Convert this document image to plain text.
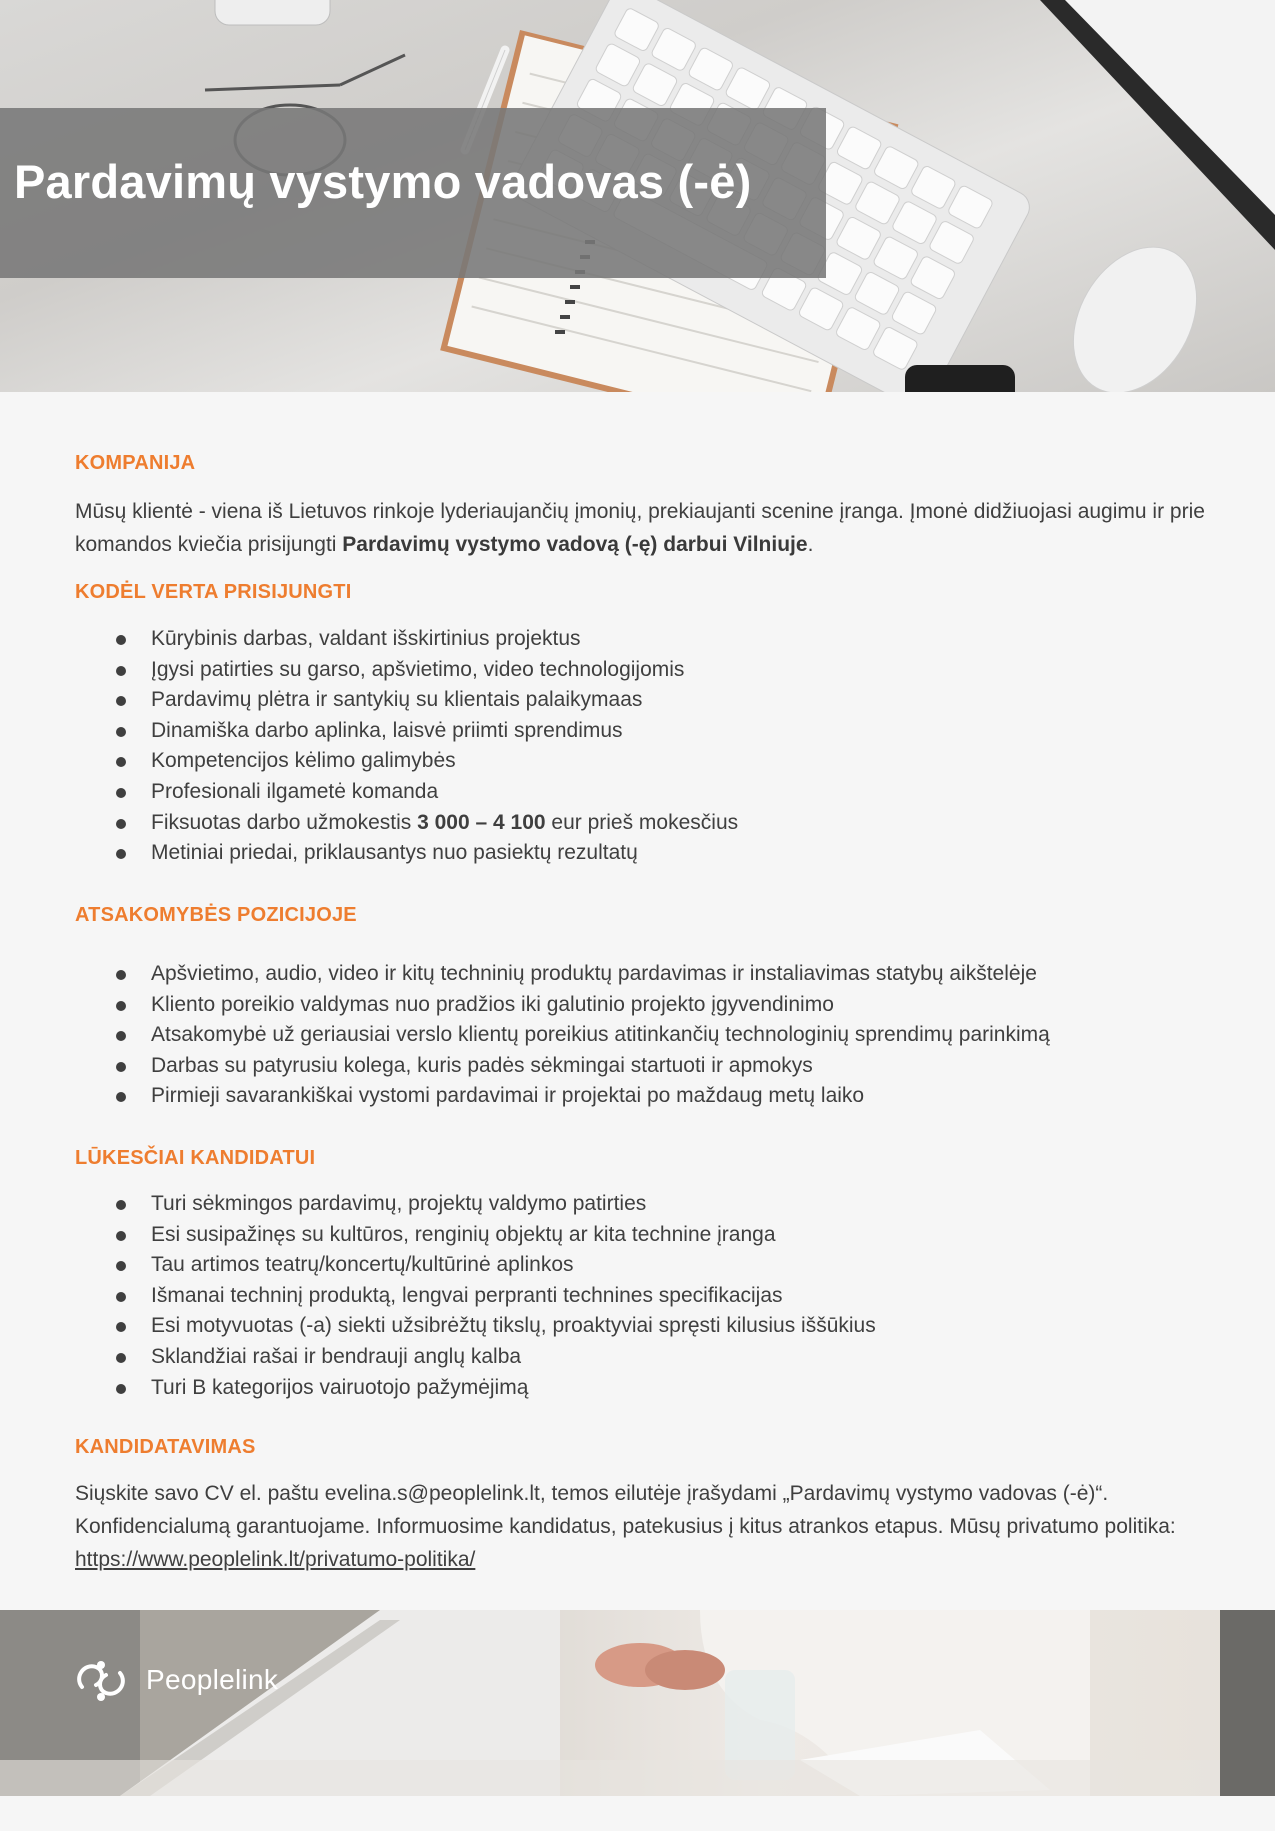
Pardavimų vystymo vadovas (-ė)
KOMPANIJA

Mūsų klientė - viena iš Lietuvos rinkoje lyderiaujančių įmonių, prekiaujanti scenine įranga. Įmonė didžiuojasi augimu ir prie komandos kviečia prisijungti Pardavimų vystymo vadovą (-ę) darbui Vilniuje.

KODĖL VERTA PRISIJUNGTI
Kūrybinis darbas, valdant išskirtinius projektus
Įgysi patirties su garso, apšvietimo, video technologijomis
Pardavimų plėtra ir santykių su klientais palaikymaas
Dinamiška darbo aplinka, laisvė priimti sprendimus
Kompetencijos kėlimo galimybės
Profesionali ilgametė komanda
Fiksuotas darbo užmokestis 3 000 – 4 100 eur prieš mokesčius
Metiniai priedai, priklausantys nuo pasiektų rezultatų
ATSAKOMYBĖS POZICIJOJE
Apšvietimo, audio, video ir kitų techninių produktų pardavimas ir instaliavimas statybų aikštelėje
Kliento poreikio valdymas nuo pradžios iki galutinio projekto įgyvendinimo
Atsakomybė už geriausiai verslo klientų poreikius atitinkančių technologinių sprendimų parinkimą
Darbas su patyrusiu kolega, kuris padės sėkmingai startuoti ir apmokys
Pirmieji savarankiškai vystomi pardavimai ir projektai po maždaug metų laiko
LŪKESČIAI KANDIDATUI
Turi sėkmingos pardavimų, projektų valdymo patirties
Esi susipažinęs su kultūros, renginių objektų ar kita technine įranga
Tau artimos teatrų/koncertų/kultūrinė aplinkos
Išmanai techninį produktą, lengvai perpranti technines specifikacijas
Esi motyvuotas (-a) siekti užsibrėžtų tikslų, proaktyviai spręsti kilusius iššūkius
Sklandžiai rašai ir bendrauji anglų kalba
Turi B kategorijos vairuotojo pažymėjimą
KANDIDATAVIMAS

Siųskite savo CV el. paštu evelina.s@peoplelink.lt, temos eilutėje įrašydami „Pardavimų vystymo vadovas (-ė)“. Konfidencialumą garantuojame. Informuosime kandidatus, patekusius į kitus atrankos etapus. Mūsų privatumo politika: https://www.peoplelink.lt/privatumo-politika/

Peoplelink
